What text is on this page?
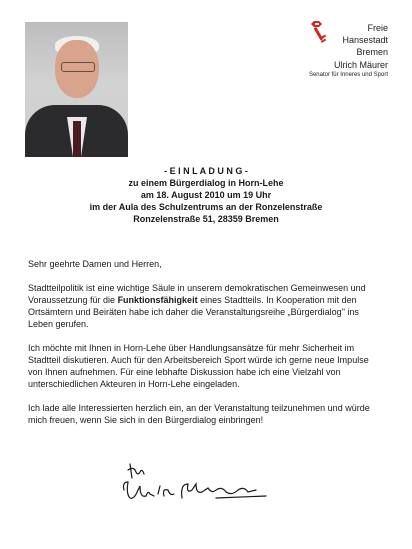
Freie
Hansestadt
Bremen
Ulrich Mäurer
Senator für Inneres und Sport
- E I N L A D U N G -
zu einem Bürgerdialog in Horn-Lehe
am 18. August 2010 um 19 Uhr
im der Aula des Schulzentrums an der Ronzelenstraße
Ronzelenstraße 51, 28359 Bremen

Sehr geehrte Damen und Herren,

Stadtteilpolitik ist eine wichtige Säule in unserem demokratischen Gemeinwesen und Voraussetzung für die Funktionsfähigkeit eines Stadtteils. In Kooperation mit den Ortsämtern und Beiräten habe ich daher die Veranstaltungsreihe „Bürgerdialog" ins Leben gerufen.

Ich möchte mit Ihnen in Horn-Lehe über Handlungsansätze für mehr Sicherheit im Stadtteil diskutieren. Auch für den Arbeitsbereich Sport würde ich gerne neue Impulse von Ihnen aufnehmen. Für eine lebhafte Diskussion habe ich eine Vielzahl von unterschiedlichen Akteuren in Horn-Lehe eingeladen.

Ich lade alle Interessierten herzlich ein, an der Veranstaltung teilzunehmen und würde mich freuen, wenn Sie sich in den Bürgerdialog einbringen!
